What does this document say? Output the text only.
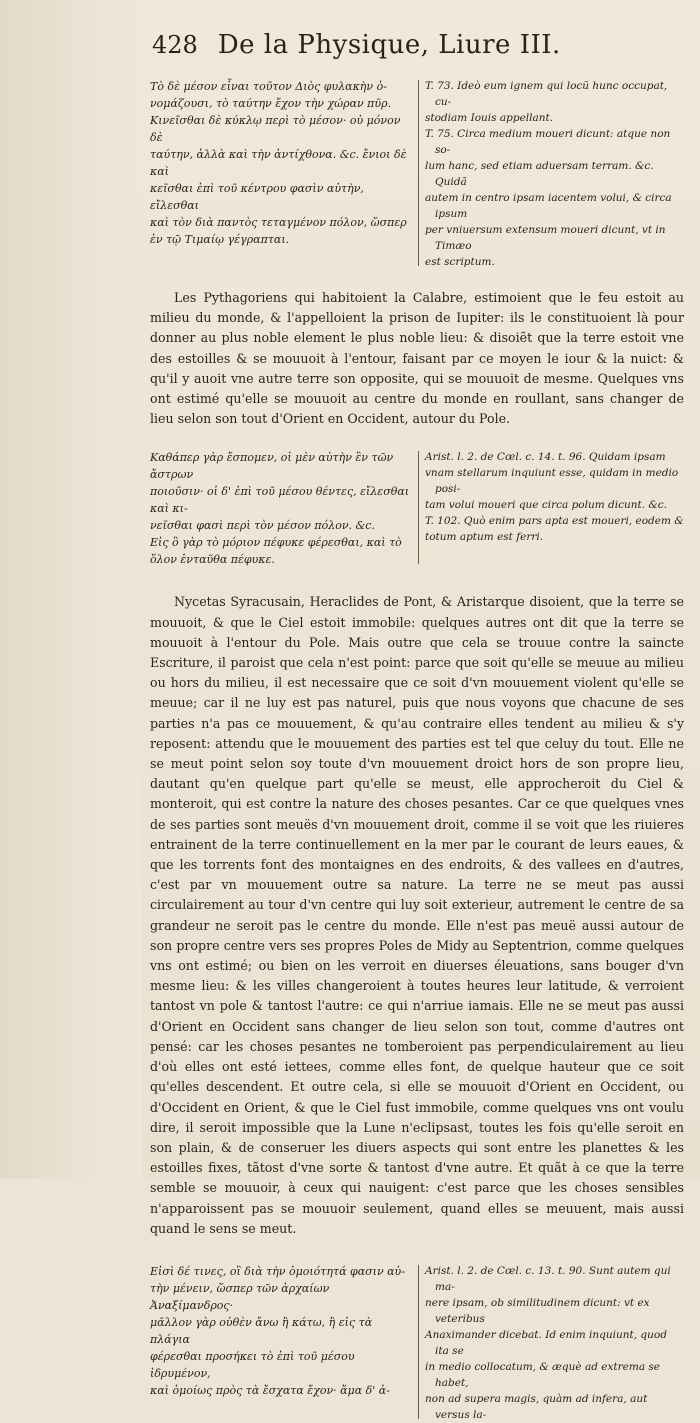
428 De la Physique, Liure III.

Τὸ δὲ μέσον εἶναι τοῦτον Διὸς φυλακὴν ὀ-

νομάζουσι, τὸ ταύτην ἔχον τὴν χώραν πῦρ.

Κινεῖσθαι δὲ κύκλῳ περὶ τὸ μέσον· οὐ μόνον δὲ

ταύτην, ἀλλὰ καὶ τὴν ἀντίχθονα. &c. ἔνιοι δὲ καὶ

κεῖσθαι ἐπὶ τοῦ κέντρου φασὶν αὐτὴν, εἴλεσθαι

καὶ τὸν διὰ παντὸς τεταγμένον πόλον, ὥσπερ

ἐν τῷ Τιμαίῳ γέγραπται.

T. 73. Ideò eum ignem qui locũ hunc occupat, cu-

stodiam Iouis appellant.

T. 75. Circa medium moueri dicunt: atque non so-

lum hanc, sed etiam aduersam terram. &c. Quidã

autem in centro ipsam iacentem volui, & circa ipsum

per vniuersum extensum moueri dicunt, vt in Timæo

est scriptum.

Les Pythagoriens qui habitoient la Calabre, estimoient que le feu estoit au milieu du monde, & l'appelloient la prison de Iupiter: ils le constituoient là pour donner au plus noble element le plus noble lieu: & disoiẽt que la terre estoit vne des estoilles & se mouuoit à l'entour, faisant par ce moyen le iour & la nuict: & qu'il y auoit vne autre terre son opposite, qui se mouuoit de mesme. Quelques vns ont estimé qu'elle se mouuoit au centre du monde en roullant, sans changer de lieu selon son tout d'Orient en Occident, autour du Pole.

Καθάπερ γὰρ ἔσπομεν, οἱ μὲν αὐτὴν ἓν τῶν ἄστρων

ποιοῦσιν· οἱ δ' ἐπὶ τοῦ μέσου θέντες, εἴλεσθαι καὶ κι-

νεῖσθαι φασὶ περὶ τὸν μέσον πόλον. &c.

Εἰς ὃ γὰρ τὸ μόριον πέφυκε φέρεσθαι, καὶ τὸ

ὅλον ἐνταῦθα πέφυκε.

Arist. l. 2. de Cœl. c. 14. t. 96. Quidam ipsam

vnam stellarum inquiunt esse, quidam in medio posi-

tam volui moueri que circa polum dicunt. &c.

T. 102. Quò enim pars apta est moueri, eodem &

totum aptum est ferri.

Nycetas Syracusain, Heraclides de Pont, & Aristarque disoient, que la terre se mouuoit, & que le Ciel estoit immobile: quelques autres ont dit que la terre se mouuoit à l'entour du Pole. Mais outre que cela se trouue contre la saincte Escriture, il paroist que cela n'est point: parce que soit qu'elle se meuue au milieu ou hors du milieu, il est necessaire que ce soit d'vn mouuement violent qu'elle se meuue; car il ne luy est pas naturel, puis que nous voyons que chacune de ses parties n'a pas ce mouuement, & qu'au contraire elles tendent au milieu & s'y reposent: attendu que le mouuement des parties est tel que celuy du tout. Elle ne se meut point selon soy toute d'vn mouuement droict hors de son propre lieu, dautant qu'en quelque part qu'elle se meust, elle approcheroit du Ciel & monteroit, qui est contre la nature des choses pesantes. Car ce que quelques vnes de ses parties sont meuës d'vn mouuement droit, comme il se voit que les riuieres entrainent de la terre continuellement en la mer par le courant de leurs eaues, & que les torrents font des montaignes en des endroits, & des vallees en d'autres, c'est par vn mouuement outre sa nature. La terre ne se meut pas aussi circulairement au tour d'vn centre qui luy soit exterieur, autrement le centre de sa grandeur ne seroit pas le centre du monde. Elle n'est pas meuë aussi autour de son propre centre vers ses propres Poles de Midy au Septentrion, comme quelques vns ont estimé; ou bien on les verroit en diuerses éleuations, sans bouger d'vn mesme lieu: & les villes changeroient à toutes heures leur latitude, & verroient tantost vn pole & tantost l'autre: ce qui n'arriue iamais. Elle ne se meut pas aussi d'Orient en Occident sans changer de lieu selon son tout, comme d'autres ont pensé: car les choses pesantes ne tomberoient pas perpendiculairement au lieu d'où elles ont esté iettees, comme elles font, de quelque hauteur que ce soit qu'elles descendent. Et outre cela, si elle se mouuoit d'Orient en Occident, ou d'Occident en Orient, & que le Ciel fust immobile, comme quelques vns ont voulu dire, il seroit impossible que la Lune n'eclipsast, toutes les fois qu'elle seroit en son plain, & de conseruer les diuers aspects qui sont entre les planettes & les estoilles fixes, tãtost d'vne sorte & tantost d'vne autre. Et quãt à ce que la terre semble se mouuoir, à ceux qui nauigent: c'est parce que les choses sensibles n'apparoissent pas se mouuoir seulement, quand elles se meuuent, mais aussi quand le sens se meut.

Εἰσὶ δέ τινες, οἳ διὰ τὴν ὁμοιότητά φασιν αὐ-

τὴν μένειν, ὥσπερ τῶν ἀρχαίων Ἀναξίμανδρος·

μᾶλλον γὰρ οὐθὲν ἄνω ἢ κάτω, ἢ εἰς τὰ πλάγια

φέρεσθαι προσήκει τὸ ἐπὶ τοῦ μέσου ἱδρυμένον,

καὶ ὁμοίως πρὸς τὰ ἔσχατα ἔχον· ἅμα δ' ἀ-

Arist. l. 2. de Cœl. c. 13. t. 90. Sunt autem qui ma-

nere ipsam, ob similitudinem dicunt: vt ex veteribus

Anaximander dicebat. Id enim inquiunt, quod ita se

in medio collocatum, & æquè ad extrema se habet,

non ad supera magis, quàm ad infera, aut versus la-
